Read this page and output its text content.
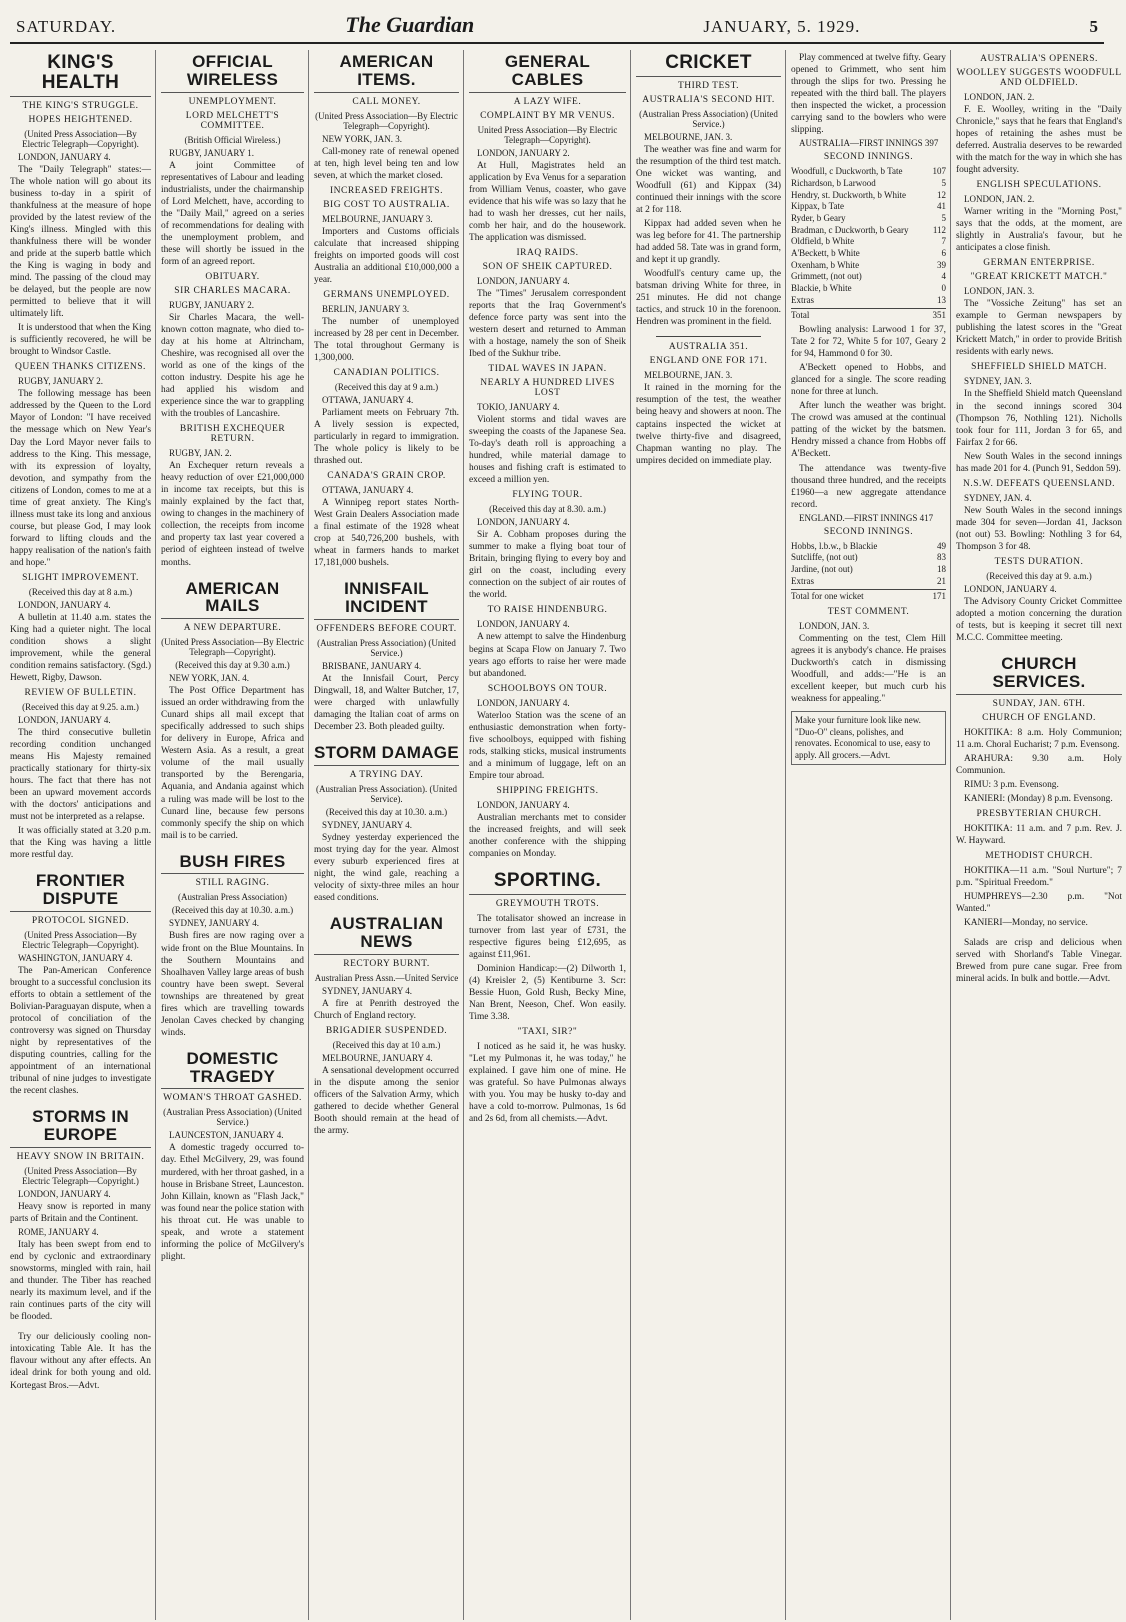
SATURDAY.	The Guardian	JANUARY, 5. 1929.	5
KING'S HEALTH
THE KING'S STRUGGLE.
HOPES HEIGHTENED.
(United Press Association—By Electric Telegraph—Copyright).
LONDON, JANUARY 4.

The "Daily Telegraph" states:—The whole nation will go about its business to-day in a spirit of thankfulness at the measure of hope provided by the latest review of the King's illness. Mingled with this thankfulness there will be wonder and pride at the superb battle which the King is waging in body and mind. The passing of the cloud may be delayed, but the people are now permitted to believe that it will ultimately lift.

It is understood that when the King is sufficiently recovered, he will be brought to Windsor Castle.

QUEEN THANKS CITIZENS.
RUGBY, JANUARY 2.

The following message has been addressed by the Queen to the Lord Mayor of London: "I have received the message which on New Year's Day the Lord Mayor never fails to address to the King. This message, with its expression of loyalty, devotion, and sympathy from the citizens of London, comes to me at a time of great anxiety. The King's illness must take its long and anxious course, but please God, I may look forward to lifting clouds and the happy realisation of the nation's faith and hope."

SLIGHT IMPROVEMENT.
(Received this day at 8 a.m.)
LONDON, JANUARY 4.

A bulletin at 11.40 a.m. states the King had a quieter night. The local condition shows a slight improvement, while the general condition remains satisfactory. (Sgd.) Hewett, Rigby, Dawson.

REVIEW OF BULLETIN.
(Received this day at 9.25. a.m.)
LONDON, JANUARY 4.

The third consecutive bulletin recording condition unchanged means His Majesty remained practically stationary for thirty-six hours. The fact that there has not been an upward movement accords with the doctors' anticipations and must not be interpreted as a relapse.

It was officially stated at 3.20 p.m. that the King was having a little more restful day.

FRONTIER DISPUTE
PROTOCOL SIGNED.
(United Press Association—By Electric Telegraph—Copyright).
WASHINGTON, JANUARY 4.

The Pan-American Conference brought to a successful conclusion its efforts to obtain a settlement of the Bolivian-Paraguayan dispute, when a protocol of conciliation of the controversy was signed on Thursday night by representatives of the disputing countries, calling for the appointment of an international tribunal of nine judges to investigate the recent clashes.

STORMS IN EUROPE
HEAVY SNOW IN BRITAIN.
(United Press Association—By Electric Telegraph—Copyright.)
LONDON, JANUARY 4.

Heavy snow is reported in many parts of Britain and the Continent.

ROME, JANUARY 4.

Italy has been swept from end to end by cyclonic and extraordinary snowstorms, mingled with rain, hail and thunder. The Tiber has reached nearly its maximum level, and if the rain continues parts of the city will be flooded.

Try our deliciously cooling non-intoxicating Table Ale. It has the flavour without any after effects. An ideal drink for both young and old. Kortegast Bros.—Advt.

OFFICIAL WIRELESS
UNEMPLOYMENT.
LORD MELCHETT'S COMMITTEE.
(British Official Wireless.)
RUGBY, JANUARY 1.

A joint Committee of representatives of Labour and leading industrialists, under the chairmanship of Lord Melchett, have, according to the "Daily Mail," agreed on a series of recommendations for dealing with the unemployment problem, and these will shortly be issued in the form of an agreed report.

OBITUARY.
SIR CHARLES MACARA.
RUGBY, JANUARY 2.

Sir Charles Macara, the well-known cotton magnate, who died to-day at his home at Altrincham, Cheshire, was recognised all over the world as one of the kings of the cotton industry. Despite his age he had applied his wisdom and experience since the war to grappling with the troubles of Lancashire.

BRITISH EXCHEQUER RETURN.
RUGBY, JAN. 2.

An Exchequer return reveals a heavy reduction of over £21,000,000 in income tax receipts, but this is mainly explained by the fact that, owing to changes in the machinery of collection, the receipts from income and property tax last year covered a period of eighteen instead of twelve months.

AMERICAN MAILS
A NEW DEPARTURE.
(United Press Association—By Electric Telegraph—Copyright).
(Received this day at 9.30 a.m.)
NEW YORK, JAN. 4.

The Post Office Department has issued an order withdrawing from the Cunard ships all mail except that specifically addressed to such ships for delivery in Europe, Africa and Western Asia. As a result, a great volume of the mail usually transported by the Berengaria, Aquania, and Andania against which a ruling was made will be lost to the Cunard line, because few persons commonly specify the ship on which mail is to be carried.

BUSH FIRES
STILL RAGING.
(Australian Press Association)
(Received this day at 10.30. a.m.)
SYDNEY, JANUARY 4.

Bush fires are now raging over a wide front on the Blue Mountains. In the Southern Mountains and Shoalhaven Valley large areas of bush country have been swept. Several townships are threatened by great fires which are travelling towards Jenolan Caves checked by changing winds.

DOMESTIC TRAGEDY
WOMAN'S THROAT GASHED.
(Australian Press Association) (United Service.)
LAUNCESTON, JANUARY 4.

A domestic tragedy occurred to-day. Ethel McGilvery, 29, was found murdered, with her throat gashed, in a house in Brisbane Street, Launceston. John Killain, known as "Flash Jack," was found near the police station with his throat cut. He was unable to speak, and wrote a statement informing the police of McGilvery's plight.

AMERICAN ITEMS.
CALL MONEY.
(United Press Association—By Electric Telegraph—Copyright).
NEW YORK, JAN. 3.

Call-money rate of renewal opened at ten, high level being ten and low seven, at which the market closed.

INCREASED FREIGHTS.
BIG COST TO AUSTRALIA.
MELBOURNE, JANUARY 3.

Importers and Customs officials calculate that increased shipping freights on imported goods will cost Australia an additional £10,000,000 a year.

GERMANS UNEMPLOYED.
BERLIN, JANUARY 3.

The number of unemployed increased by 28 per cent in December. The total throughout Germany is 1,300,000.

CANADIAN POLITICS.
(Received this day at 9 a.m.)
OTTAWA, JANUARY 4.

Parliament meets on February 7th. A lively session is expected, particularly in regard to immigration. The whole policy is likely to be thrashed out.

CANADA'S GRAIN CROP.
OTTAWA, JANUARY 4.

A Winnipeg report states North-West Grain Dealers Association made a final estimate of the 1928 wheat crop at 540,726,200 bushels, with wheat in farmers hands to market 17,181,000 bushels.

INNISFAIL INCIDENT
OFFENDERS BEFORE COURT.
(Australian Press Association) (United Service.)
BRISBANE, JANUARY 4.

At the Innisfail Court, Percy Dingwall, 18, and Walter Butcher, 17, were charged with unlawfully damaging the Italian coat of arms on December 23. Both pleaded guilty.

STORM DAMAGE
A TRYING DAY.
(Australian Press Association). (United Service).
(Received this day at 10.30. a.m.)
SYDNEY, JANUARY 4.

Sydney yesterday experienced the most trying day for the year. Almost every suburb experienced fires at night, the wind gale, reaching a velocity of sixty-three miles an hour eased conditions.

AUSTRALIAN NEWS
RECTORY BURNT.
Australian Press Assn.—United Service
SYDNEY, JANUARY 4.

A fire at Penrith destroyed the Church of England rectory.

BRIGADIER SUSPENDED.
(Received this day at 10 a.m.)
MELBOURNE, JANUARY 4.

A sensational development occurred in the dispute among the senior officers of the Salvation Army, which gathered to decide whether General Booth should remain at the head of the army.

GENERAL CABLES
A LAZY WIFE.
COMPLAINT BY MR VENUS.
United Press Association—By Electric Telegraph—Copyright).
LONDON, JANUARY 2.

At Hull, Magistrates held an application by Eva Venus for a separation from William Venus, coaster, who gave evidence that his wife was so lazy that he had to wash her dresses, cut her nails, comb her hair, and do the housework. The application was dismissed.

IRAQ RAIDS.
SON OF SHEIK CAPTURED.
LONDON, JANUARY 4.

The "Times" Jerusalem correspondent reports that the Iraq Government's defence force party was sent into the western desert and returned to Amman with a hostage, namely the son of Sheik Ibed of the Sukhur tribe.

TIDAL WAVES IN JAPAN.
NEARLY A HUNDRED LIVES LOST
TOKIO, JANUARY 4.

Violent storms and tidal waves are sweeping the coasts of the Japanese Sea. To-day's death roll is approaching a hundred, while material damage to houses and fishing craft is estimated to exceed a million yen.

FLYING TOUR.
(Received this day at 8.30. a.m.)
LONDON, JANUARY 4.

Sir A. Cobham proposes during the summer to make a flying boat tour of Britain, bringing flying to every boy and girl on the coast, including every connection on the subject of air routes of the world.

TO RAISE HINDENBURG.
LONDON, JANUARY 4.

A new attempt to salve the Hindenburg begins at Scapa Flow on January 7. Two years ago efforts to raise her were made but abandoned.

SCHOOLBOYS ON TOUR.
LONDON, JANUARY 4.

Waterloo Station was the scene of an enthusiastic demonstration when forty-five schoolboys, equipped with fishing rods, stalking sticks, musical instruments and a minimum of luggage, left on an Empire tour abroad.

SHIPPING FREIGHTS.
LONDON, JANUARY 4.

Australian merchants met to consider the increased freights, and will seek another conference with the shipping companies on Monday.

SPORTING.
GREYMOUTH TROTS.

The totalisator showed an increase in turnover from last year of £731, the respective figures being £12,695, as against £11,961.

Dominion Handicap:—(2) Dilworth 1, (4) Kreisler 2, (5) Kentiburne 3. Scr: Bessie Huon, Gold Rush, Becky Mine, Nan Brent, Neeson, Chef. Won easily. Time 3.38.

"TAXI, SIR?"

I noticed as he said it, he was husky. "Let my Pulmonas it, he was today," he explained. I gave him one of mine. He was grateful. So have Pulmonas always with you. You may be husky to-day and have a cold to-morrow. Pulmonas, 1s 6d and 2s 6d, from all chemists.—Advt.

CRICKET
THIRD TEST.
AUSTRALIA'S SECOND HIT.
(Australian Press Association) (United Service.)
MELBOURNE, JAN. 3.

The weather was fine and warm for the resumption of the third test match. One wicket was wanting, and Woodfull (61) and Kippax (34) continued their innings with the score at 2 for 118.

Kippax had added seven when he was leg before for 41. The partnership had added 58. Tate was in grand form, and kept it up grandly.

Woodfull's century came up, the batsman driving White for three, in 251 minutes. He did not change tactics, and struck 10 in the forenoon. Hendren was prominent in the field.

AUSTRALIA 351.
ENGLAND ONE FOR 171.
MELBOURNE, JAN. 3.

It rained in the morning for the resumption of the test, the weather being heavy and showers at noon. The captains inspected the wicket at twelve thirty-five and disagreed, Chapman wanting no play. The umpires decided on immediate play.

Play commenced at twelve fifty. Geary opened to Grimmett, who sent him through the slips for two. Pressing he repeated with the third ball. The players then inspected the wicket, a procession carrying sand to the bowlers who were slipping.

AUSTRALIA—FIRST INNINGS 397
SECOND INNINGS.
Woodfull, c Duckworth, b Tate	107
Richardson, b Larwood	5
Hendry, st. Duckworth, b White	12
Kippax, b Tate	41
Ryder, b Geary	5
Bradman, c Duckworth, b Geary	112
Oldfield, b White	7
A'Beckett, b White	6
Oxenham, b White	39
Grimmett, (not out)	4
Blackie, b White	0
Extras	13
Total	351

Bowling analysis: Larwood 1 for 37, Tate 2 for 72, White 5 for 107, Geary 2 for 94, Hammond 0 for 30.

A'Beckett opened to Hobbs, and glanced for a single. The score reading none for three at lunch.

After lunch the weather was bright. The crowd was amused at the continual patting of the wicket by the batsmen. Hendry missed a chance from Hobbs off A'Beckett.

The attendance was twenty-five thousand three hundred, and the receipts £1960—a new aggregate attendance record.

ENGLAND.—FIRST INNINGS 417
SECOND INNINGS.
Hobbs, l.b.w., b Blackie	49
Sutcliffe, (not out)	83
Jardine, (not out)	18
Extras	21
Total for one wicket	171
TEST COMMENT.
LONDON, JAN. 3.

Commenting on the test, Clem Hill agrees it is anybody's chance. He praises Duckworth's catch in dismissing Woodfull, and adds:—"He is an excellent keeper, but much curb his weakness for appealing."

Make your furniture look like new. "Duo-O" cleans, polishes, and renovates. Economical to use, easy to apply. All grocers.—Advt.
AUSTRALIA'S OPENERS.
WOOLLEY SUGGESTS WOODFULL AND OLDFIELD.
LONDON, JAN. 2.

F. E. Woolley, writing in the "Daily Chronicle," says that he fears that England's hopes of retaining the ashes must be deferred. Australia deserves to be rewarded with the match for the way in which she has fought adversity.

ENGLISH SPECULATIONS.
LONDON, JAN. 2.

Warner writing in the "Morning Post," says that the odds, at the moment, are slightly in Australia's favour, but he anticipates a close finish.

GERMAN ENTERPRISE.
"GREAT KRICKETT MATCH."
LONDON, JAN. 3.

The "Vossiche Zeitung" has set an example to German newspapers by publishing the latest scores in the "Great Krickett Match," in order to provide British residents with early news.

SHEFFIELD SHIELD MATCH.
SYDNEY, JAN. 3.

In the Sheffield Shield match Queensland in the second innings scored 304 (Thompson 76, Nothling 121). Nicholls took four for 111, Jordan 3 for 65, and Fairfax 2 for 66.

New South Wales in the second innings has made 201 for 4. (Punch 91, Seddon 59).

N.S.W. DEFEATS QUEENSLAND.
SYDNEY, JAN. 4.

New South Wales in the second innings made 304 for seven—Jordan 41, Jackson (not out) 53. Bowling: Nothling 3 for 64, Thompson 3 for 48.

TESTS DURATION.
(Received this day at 9. a.m.)
LONDON, JANUARY 4.

The Advisory County Cricket Committee adopted a motion concerning the duration of tests, but is keeping it secret till next M.C.C. Committee meeting.

CHURCH SERVICES.
SUNDAY, JAN. 6TH.
CHURCH OF ENGLAND.

HOKITIKA: 8 a.m. Holy Communion; 11 a.m. Choral Eucharist; 7 p.m. Evensong.

ARAHURA: 9.30 a.m. Holy Communion.

RIMU: 3 p.m. Evensong.

KANIERI: (Monday) 8 p.m. Evensong.

PRESBYTERIAN CHURCH.

HOKITIKA: 11 a.m. and 7 p.m. Rev. J. W. Hayward.

METHODIST CHURCH.

HOKITIKA—11 a.m. "Soul Nurture"; 7 p.m. "Spiritual Freedom."

HUMPHREYS—2.30 p.m. "Not Wanted."

KANIERI—Monday, no service.

Salads are crisp and delicious when served with Shorland's Table Vinegar. Brewed from pure cane sugar. Free from mineral acids. In bulk and bottle.—Advt.
